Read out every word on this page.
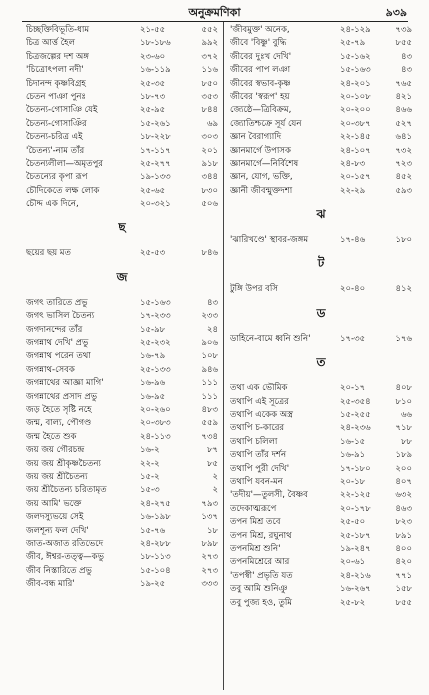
অনুক্রমণিকা	৯৩৯
চিচ্ছক্তিবিভূতি-ধাম	২১-৫৫	৫৫২
চিত্র আর্ত্ত হৈল	১৮-১৮৬	৯৯২
চিত্রজল্পের দশ অঙ্গ	২৩-৬০	৩৭২
'চিত্রোৎপলা নদী'	১৬-১১৯	১১৬
চিদানন্দ কৃষ্ণবিগ্রহ	২৫-৩৫	৮৫০
চেতন পাঞা পুনঃ	১৮-৭৩	৩৫৩
চৈতন্য-গোসাঞি যেই	২৫-৯৫	৮৪৪
চৈতন্য-গোসাঞিঁর	১৫-২৬১	৬৯
চৈতন্য-চরিত্র এই	১৮-২২৮	৩০৩
'চৈতন্য'-নাম তাঁর	১৭-১১৭	২০১
চৈতন্যলীলা—অমৃতপুর	২৫-২৭৭	৯১৮
চৈতন্যের কৃপা রূপ	১৯-১৩৩	৩৪৪
চৌদিকেতে লক্ষ লোক	২৫-৬৫	৮৩০
চৌদ্দ এক দিনে,	২০-৩২১	৫০৬
ছ
ছয়ের ছয় মত	২৫-৫৩	৮৪৬
জ
জগৎ তারিতে প্রভু	১৫-১৬৩	৪৩
জগৎ ভাসিল চৈতন্য	১৭-২৩৩	২৩৩
জগদানন্দের তাঁর	১৫-৯৮	২৪
জগন্নাথ দেখি' প্রভু	২৫-২৩২	৯০৬
জগন্নাথ পরেন তথা	১৬-৭৯	১০৮
জগন্নাথ-সেবক	২৫-১৩৩	৯৪৬
জগন্নাথের আজ্ঞা মাগি'	১৬-৯৬	১১১
জগন্নাথের প্রসাদ প্রভু	১৬-৯৫	১১১
জড় হৈতে সৃষ্টি নহে	২০-২৬০	৪৮৩
জন্ম, বাল্য, পৌগণ্ড	২০-৩৮৩	৫৫৯
জন্ম হৈতে শুক	২৪-১১৩	৭৩৪
জয় জয় গৌরচন্দ্র	১৬-২	৮৭
জয় জয় শ্রীকৃষ্ণচৈতন্য	২২-২	৮৫
জয় জয় শ্রীচৈতন্য	১৫-২	২
জয় শ্রীচৈতন্য চরিতামৃত	১৫-৩	২
জয় আমি' ভক্তে	২৪-২৭৫	৭৯৩
জলদস্যুভয়ে সেই	১৬-১৯৮	১৩৭
জলশূন্য ফল দেখি'	১৫-৭৬	১৮
জাত-অজাত রতিভেদে	২৪-২৮৮	৮৯৮
জীব, ঈশ্বর-তত্ত্ব—কভু	১৮-১১৩	২৭৩
জীব নিস্তারিতে প্রভু	১৫-১০৪	২৭৩
জীব-বন্ধ মারি'	১৯-২৫	৩৩৩
'জীবমুক্ত' অনেক,	২৪-১২৯	৭৩৯
জীবে 'বিষ্ণু' বুদ্ধি	২৫-৭৯	৮৫৫
জীবের দুঃখ দেখি'	১৫-১৬২	৪৩
জীবের পাপ লঞা	১৫-১৬৩	৪৩
জীবের স্বভাব-কৃষ্ণ	২৪-২০১	৭৬৫
জীবের 'স্বরূপ' হয়	২০-১০৮	৪২১
জ্যেষ্ঠে—ত্রিবিক্রম,	২০-২০০	৪৬৬
জ্যোতিশ্চক্রে সূর্য যেন	২০-৩৮৭	৫২৭
জ্ঞান বৈরাগ্যাদি	২২-১৪৫	৬৪১
জ্ঞানমার্গে উপাসক	২৪-১০৭	৭৩২
জ্ঞানমার্গে—নির্বিশেষ	২৪-৮৩	৭২৩
জ্ঞান, যোগ, ভক্তি,	২০-১৫৭	৪৫২
জ্ঞানী জীবন্মুক্তদশা	২২-২৯	৫৯৩
ঝ
'ঝারিখণ্ডে' স্থাবর-জঙ্গম	১৭-৪৬	১৮০
ট
টুঙ্গি উপর বসি	২০-৪০	৪১২
ড
ডাহিনে-বামে ধ্বনি শুনি'	১৭-৩৫	১৭৬
ত
তথা এক ভৌমিক	২০-১৭	৪০৮
তথাপি এই সূত্রের	২৫-৩৫৪	৮১০
তথাপি একেক অস্ত্র	১৫-২৫৫	৬৬
তথাপি চ-কারের	২৪-২৩৬	৭১৮
তথাপি চলিলা	১৬-১৫	৮৮
তথাপি তাঁর দর্শন	১৬-৯১	১৮৯
তথাপি পুরী দেখি'	১৭-১৮০	২০০
তথাপি যবন-মন	২০-১৮	৪০৭
'তদীয়'—তুলসী, বৈষ্ণব	২২-১২৫	৬৩২
তদেকাত্মরূপে	২০-১৭৮	৪৬৩
তপন মিশ্র তবে	২৫-৫০	৮২৩
তপন মিশ্র, রঘুনাথ	২৫-১৮৭	৮৯১
তপনমিশ্র শুনি'	১৯-২৪৭	৪০০
তপনমিশ্রেরে আর	২০-৬১	৪২০
'তপস্বী' প্রভৃতি যত	২৪-২১৬	৭৭১
তবু আমি শুনিঞু	১৬-২৬৭	১৫৮
তবু পুজ্য হও, তুমি	২৫-৮২	৮৫৫
